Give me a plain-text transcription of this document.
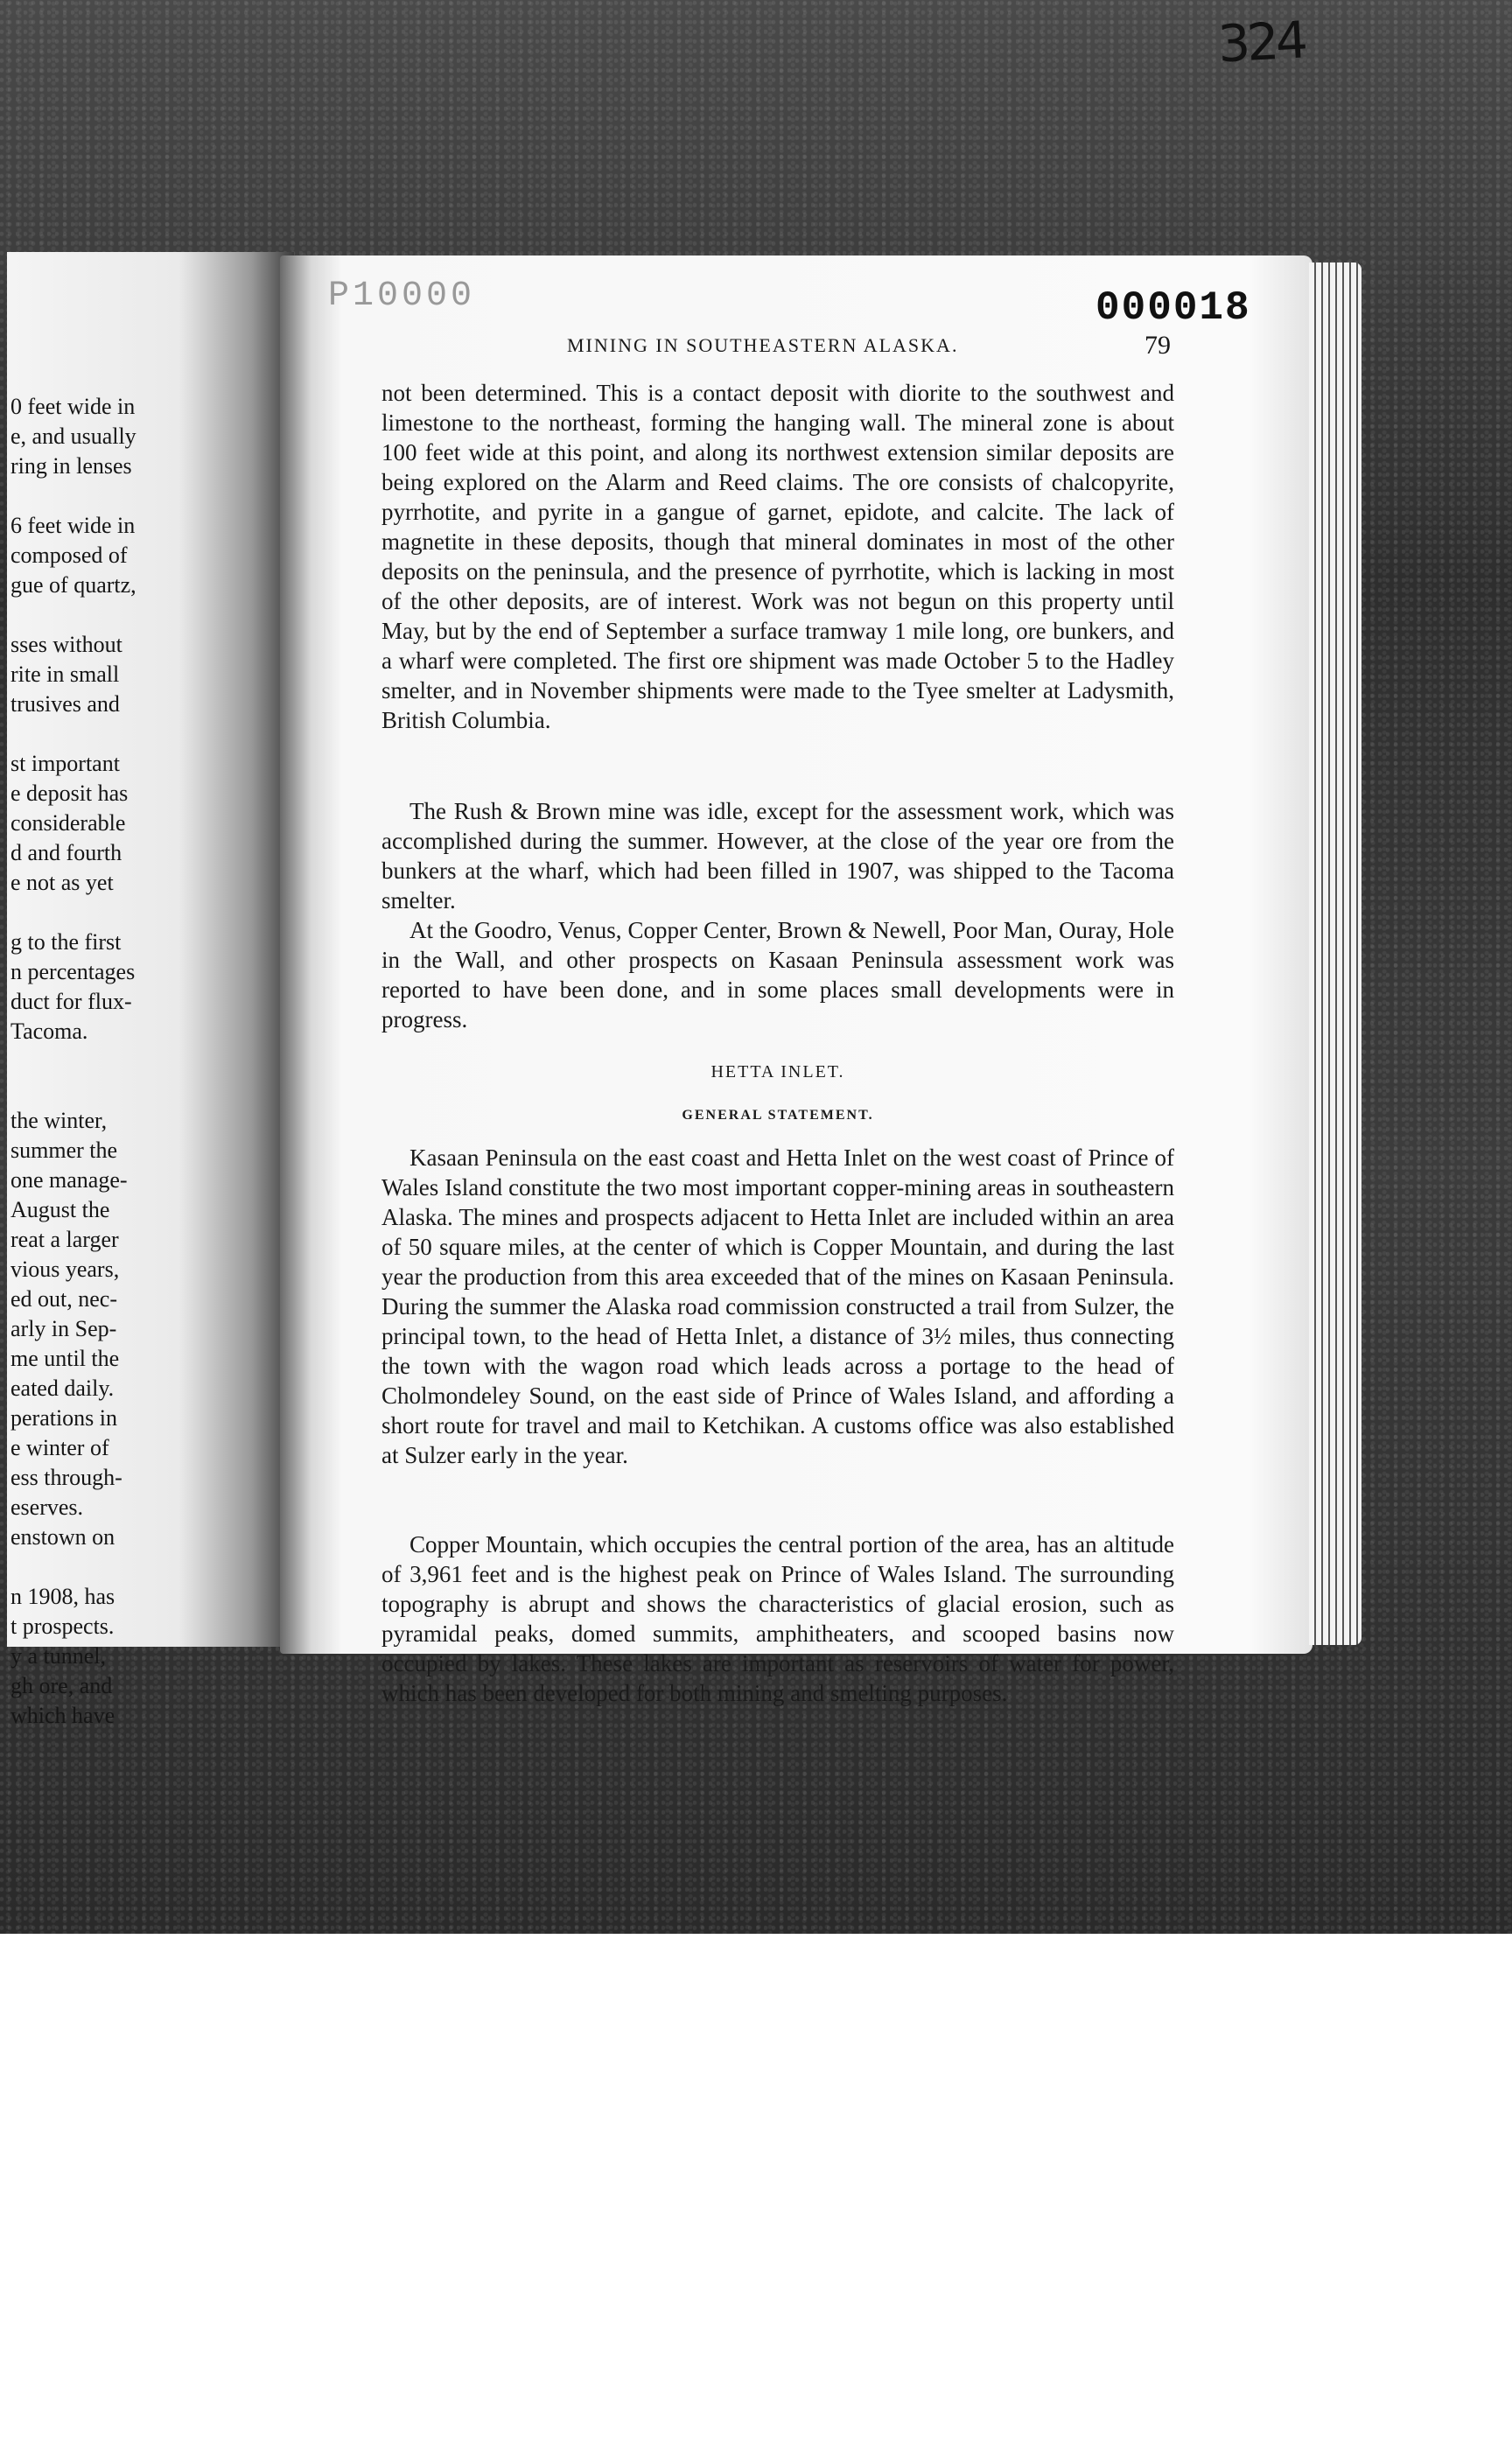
324
0 feet wide in
e, and usually
ring in lenses
6 feet wide in
composed of
gue of quartz,
sses without
rite in small
trusives and
st important
e deposit has
considerable
d and fourth
e not as yet
g to the first
n percentages
duct for flux-
Tacoma.
the winter,
summer the
one manage-
August the
reat a larger
vious years,
ed out, nec-
arly in Sep-
me until the
eated daily.
perations in
e winter of
ess through-
eserves.
enstown on
n 1908, has
t prospects.
y a tunnel,
gh ore, and
which have
P10000	000018
MINING IN SOUTHEASTERN ALASKA.	79

not been determined. This is a contact deposit with diorite to the southwest and limestone to the northeast, forming the hanging wall. The mineral zone is about 100 feet wide at this point, and along its northwest extension similar deposits are being explored on the Alarm and Reed claims. The ore consists of chalcopyrite, pyrrhotite, and pyrite in a gangue of garnet, epidote, and calcite. The lack of magnetite in these deposits, though that mineral dominates in most of the other deposits on the peninsula, and the presence of pyrrhotite, which is lacking in most of the other deposits, are of interest. Work was not begun on this property until May, but by the end of September a surface tramway 1 mile long, ore bunkers, and a wharf were completed. The first ore shipment was made October 5 to the Hadley smelter, and in November shipments were made to the Tyee smelter at Ladysmith, British Columbia.

The Rush & Brown mine was idle, except for the assessment work, which was accomplished during the summer. However, at the close of the year ore from the bunkers at the wharf, which had been filled in 1907, was shipped to the Tacoma smelter.

At the Goodro, Venus, Copper Center, Brown & Newell, Poor Man, Ouray, Hole in the Wall, and other prospects on Kasaan Peninsula assessment work was reported to have been done, and in some places small developments were in progress.

HETTA INLET.
GENERAL STATEMENT.

Kasaan Peninsula on the east coast and Hetta Inlet on the west coast of Prince of Wales Island constitute the two most important copper-mining areas in southeastern Alaska. The mines and prospects adjacent to Hetta Inlet are included within an area of 50 square miles, at the center of which is Copper Mountain, and during the last year the production from this area exceeded that of the mines on Kasaan Peninsula. During the summer the Alaska road commission constructed a trail from Sulzer, the principal town, to the head of Hetta Inlet, a distance of 3½ miles, thus connecting the town with the wagon road which leads across a portage to the head of Cholmondeley Sound, on the east side of Prince of Wales Island, and affording a short route for travel and mail to Ketchikan. A customs office was also established at Sulzer early in the year.

Copper Mountain, which occupies the central portion of the area, has an altitude of 3,961 feet and is the highest peak on Prince of Wales Island. The surrounding topography is abrupt and shows the characteristics of glacial erosion, such as pyramidal peaks, domed summits, amphitheaters, and scooped basins now occupied by lakes. These lakes are important as reservoirs of water for power, which has been developed for both mining and smelting purposes.
